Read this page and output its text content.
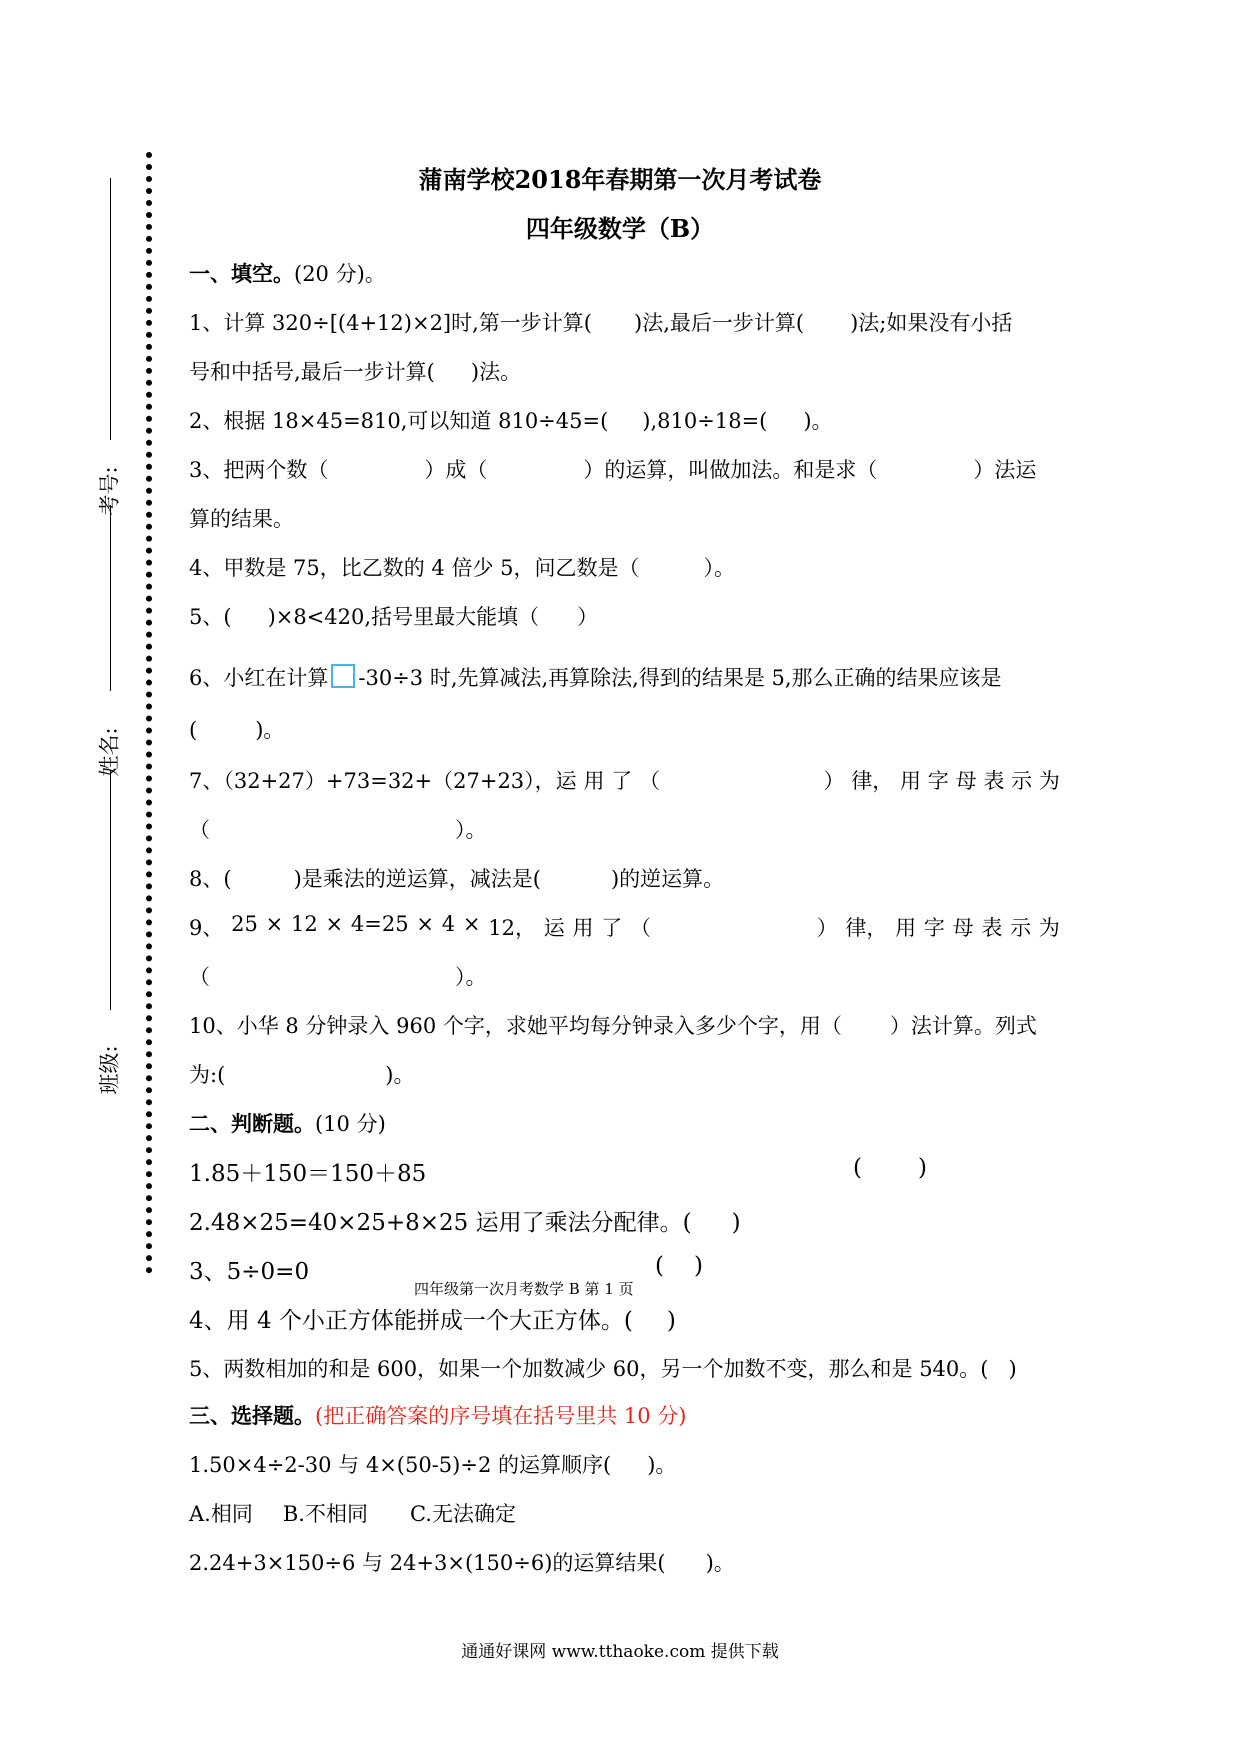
考号:
姓名:
班级:
蒲南学校2018年春期第一次月考试卷
四年级数学（B）
一、填空。(20 分)。
1、计算 320÷[(4+12)×2]时,第一步计算( )法,最后一步计算( )法;如果没有小括
号和中括号,最后一步计算( )法。
2、根据 18×45=810,可以知道 810÷45=( ),810÷18=( )。
3、把两个数（	）成（	）的运算，叫做加法。和是求（	）法运
算的结果。
4、甲数是 75，比乙数的 4 倍少 5，问乙数是（	）。
5、( )×8<420,括号里最大能填（ ）
6、小红在计算 -30÷3 时,先算减法,再算除法,得到的结果是 5,那么正确的结果应该是
(	)。
7、（32+27）+73=32+（27+23），运 用 了 （	） 律， 用 字 母 表 示 为
（	）。
8、(	)是乘法的逆运算，减法是(	)的逆运算。
9、 25 × 12 × 4=25 × 4 × 12， 运 用 了 （	） 律， 用 字 母 表 示 为
（	）。
10、小华 8 分钟录入 960 个字，求她平均每分钟录入多少个字，用（ ）法计算。列式
为:(	)。
二、判断题。(10 分)
1.85＋150＝150＋85	( )
2.48×25=40×25+8×25 运用了乘法分配律。( )
3、5÷0=0	( )
四年级第一次月考数学 B 第 1 页
4、用 4 个小正方体能拼成一个大正方体。( )
5、两数相加的和是 600，如果一个加数减少 60，另一个加数不变，那么和是 540。( )
三、选择题。(把正确答案的序号填在括号里共 10 分)
1.50×4÷2-30 与 4×(50-5)÷2 的运算顺序( )。
A.相同 B.不相同 C.无法确定
2.24+3×150÷6 与 24+3×(150÷6)的运算结果( )。
通通好课网 www.tthaoke.com 提供下载
